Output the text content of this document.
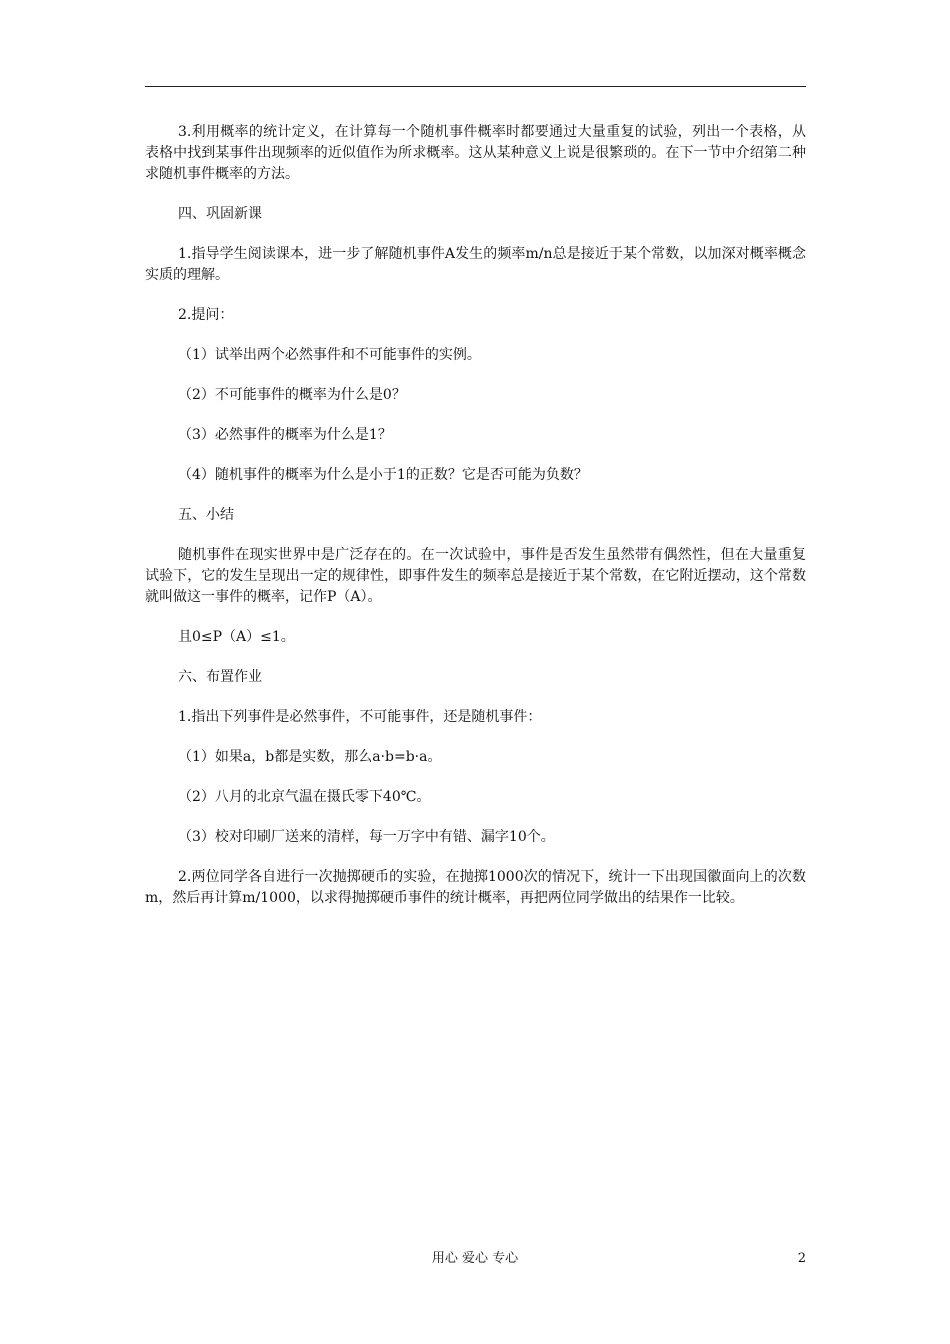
3.利用概率的统计定义，在计算每一个随机事件概率时都要通过大量重复的试验，列出一个表格，从表格中找到某事件出现频率的近似值作为所求概率。这从某种意义上说是很繁琐的。在下一节中介绍第二种求随机事件概率的方法。

四、巩固新课

1.指导学生阅读课本，进一步了解随机事件A发生的频率m/n总是接近于某个常数，以加深对概率概念实质的理解。

2.提问：

（1）试举出两个必然事件和不可能事件的实例。

（2）不可能事件的概率为什么是0？

（3）必然事件的概率为什么是1？

（4）随机事件的概率为什么是小于1的正数？它是否可能为负数？

五、小结

随机事件在现实世界中是广泛存在的。在一次试验中，事件是否发生虽然带有偶然性，但在大量重复试验下，它的发生呈现出一定的规律性，即事件发生的频率总是接近于某个常数，在它附近摆动，这个常数就叫做这一事件的概率，记作P（A）。

且0≤P（A）≤1。

六、布置作业

1.指出下列事件是必然事件，不可能事件，还是随机事件：

（1）如果a，b都是实数，那么a·b=b·a。

（2）八月的北京气温在摄氏零下40℃。

（3）校对印刷厂送来的清样，每一万字中有错、漏字10个。

2.两位同学各自进行一次抛掷硬币的实验，在抛掷1000次的情况下，统计一下出现国徽面向上的次数m，然后再计算m/1000，以求得抛掷硬币事件的统计概率，再把两位同学做出的结果作一比较。

用心 爱心 专心	2
